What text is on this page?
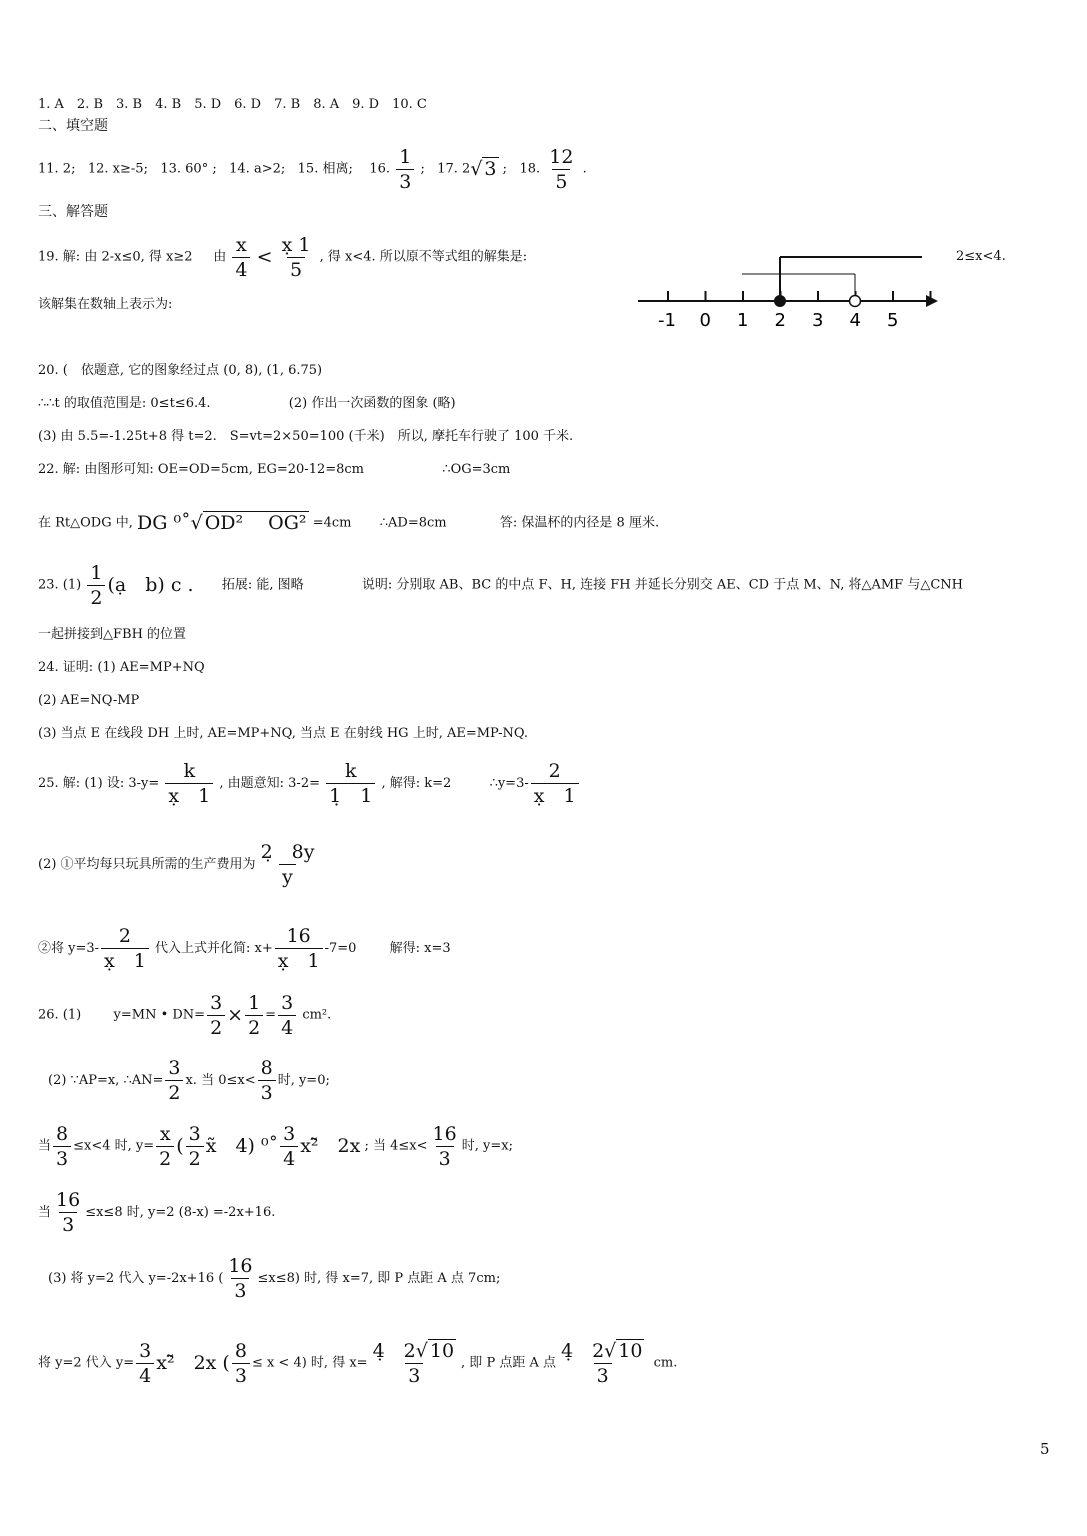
1. A　2. B　3. B　4. B　5. D　6. D　7. B　8. A　9. D　10. C
二、填空题
11. 2; 12. x≥-5; 13. 60° ; 14. a>2; 15. 相离; 16. $\frac{1}{3}$ ; 17. 2√ 3 ; 18. $\frac{12}{5}$ .
三、解答题
19. 解: 由 2-x≤0, 得 x≥2 由 $\frac{x}{4} < \frac{x̣ 1}{5}$ , 得 x<4. 所以原不等式组的解集是:	2≤x<4.
该解集在数轴上表示为:
-1 0 1 2 3 4 5
20. (　依题意, 它的图象经过点 (0, 8), (1, 6.75)
∴∴t 的取值范围是: 0≤t≤6.4.	(2) 作出一次函数的图象 (略)
(3) 由 5.5=-1.25t+8 得 t=2.　S=vt=2×50=100 (千米)　所以, 摩托车行驶了 100 千米.
22. 解: 由图形可知: OE=OD=5cm, EG=20-12=8cm	∴OG=3cm
在 Rt△ODG 中, DG ⁰˚√ OD² 　OG² =4cm ∴AD=8cm	答: 保温杯的内径是 8 厘米.
23. $(1) \frac{1}{2}$ (ạ　b) c . 拓展: 能, 图略	说明: 分别取 AB、BC 的中点 F、H, 连接 FH 并延长分别交 AE、CD 于点 M、N, 将△AMF 与△CNH
一起拼接到△FBH 的位置
24. 证明: (1) AE=MP+NQ
(2) AE=NQ-MP
(3) 当点 E 在线段 DH 上时, AE=MP+NQ, 当点 E 在射线 HG 上时, AE=MP-NQ.
25. 解: (1) 设: $3-y= \frac{k}{x̣ 1}$ , 由题意知: $3-2= \frac{k}{1̣ 1}$ , 解得: k=2	∴y=3- $\frac{2}{x̣ 1}$
(2) ①平均每只玩具所需的生产费用为 $\frac{2̣ 8y}{y}$
②将 $y=3- \frac{2}{x̣ 1}$ 代入上式并化简: $x+ \frac{16}{x̣ 1} -7=0$	解得: x=3
26. (1) y=MN • $DN= \frac{3}{2} \times \frac{1}{2} = \frac{3}{4} cm^2$.
(2) ∵AP=x, ∴AN= $\frac{3}{2} x$. 当 $0\le x< \frac{8}{3}$ 时, y=0;
当 $\frac{8}{3} \le x<4$ 时, $y= \frac{x}{2}$ ( $\frac{3}{2}$ x̃　4) ⁰˚ $\frac{3}{4}$ x²̃　2x ; 当 $4\le x< \frac{16}{3}$ 时, y=x;
当 $\frac{16}{3} \le x\le 8$ 时, y=2 (8-x) =-2x+16.
(3) 将 y=2 代入 y=-2x+16 ( $\frac{16}{3} \le x\le 8$) 时, 得 x=7, 即 P 点距 A 点 7cm;
将 y=2 代入 $y= \frac{3}{4}$ x²̃　2x ( $\frac{8}{3} \le x < 4$) 时, 得 $x= \frac{4̣ 2√ 10}{3}$ , 即 P 点距 A 点 $\frac{4̣ 2√ 10}{3}$ cm.
5
